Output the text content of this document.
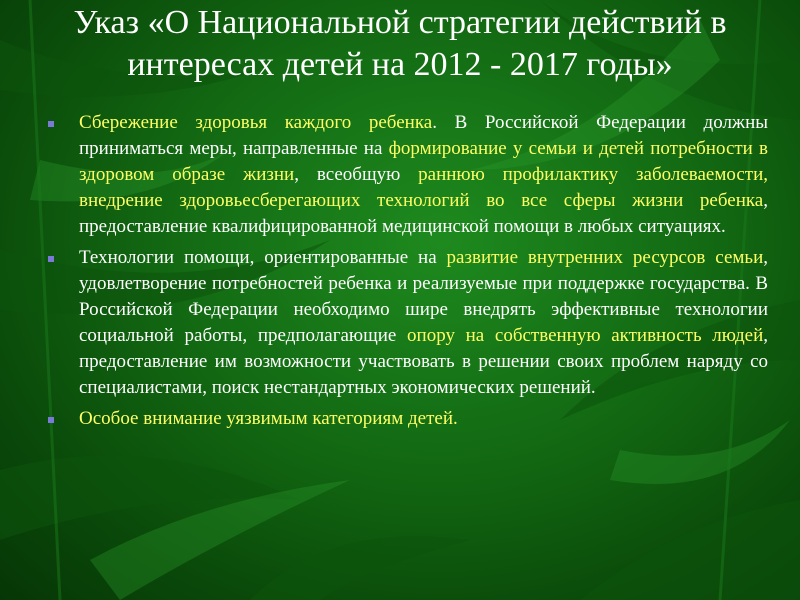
Указ «О Национальной стратегии действий в
интересах детей на 2012 - 2017 годы»
Сбережение здоровья каждого ребенка. В Российской Федерации должны приниматься меры, направленные на формирование у семьи и детей потребности в здоровом образе жизни, всеобщую раннюю профилактику заболеваемости, внедрение здоровьесберегающих технологий во все сферы жизни ребенка, предоставление квалифицированной медицинской помощи в любых ситуациях.
Технологии помощи, ориентированные на развитие внутренних ресурсов семьи, удовлетворение потребностей ребенка и реализуемые при поддержке государства. В Российской Федерации необходимо шире внедрять эффективные технологии социальной работы, предполагающие опору на собственную активность людей, предоставление им возможности участвовать в решении своих проблем наряду со специалистами, поиск нестандартных экономических решений.
Особое внимание уязвимым категориям детей.
